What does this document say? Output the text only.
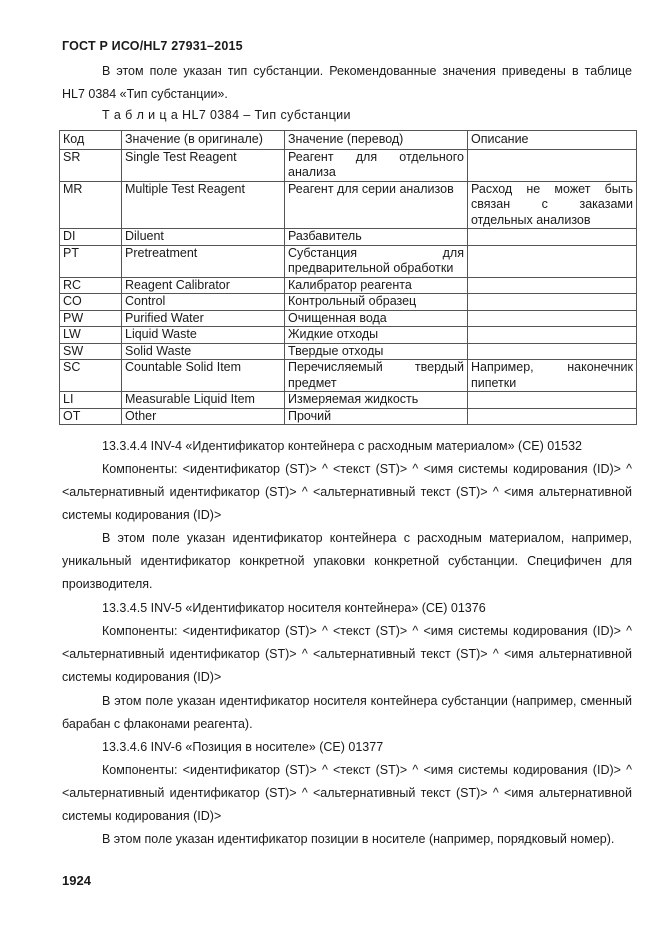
ГОСТ Р ИСО/HL7 27931–2015

В этом поле указан тип субстанции. Рекомендованные значения приведены в таблице HL7 0384 «Тип субстанции».

Т а б л и ц а HL7 0384 – Тип субстанции
Код	Значение (в оригинале)	Значение (перевод)	Описание
SR	Single Test Reagent	Реагент для отдельного анализа	
MR	Multiple Test Reagent	Реагент для серии анализов	Расход не может быть связан с заказами отдельных анализов
DI	Diluent	Разбавитель	
PT	Pretreatment	Субстанция для предварительной обработки	
RC	Reagent Calibrator	Калибратор реагента	
CO	Control	Контрольный образец	
PW	Purified Water	Очищенная вода	
LW	Liquid Waste	Жидкие отходы	
SW	Solid Waste	Твердые отходы	
SC	Countable Solid Item	Перечисляемый твердый предмет	Например, наконечник пипетки
LI	Measurable Liquid Item	Измеряемая жидкость	
OT	Other	Прочий	

13.3.4.4 INV-4 «Идентификатор контейнера с расходным материалом» (CE) 01532

Компоненты: <идентификатор (ST)> ^ <текст (ST)> ^ <имя системы кодирования (ID)> ^ <альтернативный идентификатор (ST)> ^ <альтернативный текст (ST)> ^ <имя альтернативной системы кодирования (ID)>

В этом поле указан идентификатор контейнера с расходным материалом, например, уникальный идентификатор конкретной упаковки конкретной субстанции. Специфичен для производителя.

13.3.4.5 INV-5 «Идентификатор носителя контейнера» (CE) 01376

Компоненты: <идентификатор (ST)> ^ <текст (ST)> ^ <имя системы кодирования (ID)> ^ <альтернативный идентификатор (ST)> ^ <альтернативный текст (ST)> ^ <имя альтернативной системы кодирования (ID)>

В этом поле указан идентификатор носителя контейнера субстанции (например, сменный барабан с флаконами реагента).

13.3.4.6 INV-6 «Позиция в носителе» (CE) 01377

Компоненты: <идентификатор (ST)> ^ <текст (ST)> ^ <имя системы кодирования (ID)> ^ <альтернативный идентификатор (ST)> ^ <альтернативный текст (ST)> ^ <имя альтернативной системы кодирования (ID)>

В этом поле указан идентификатор позиции в носителе (например, порядковый номер).

1924
